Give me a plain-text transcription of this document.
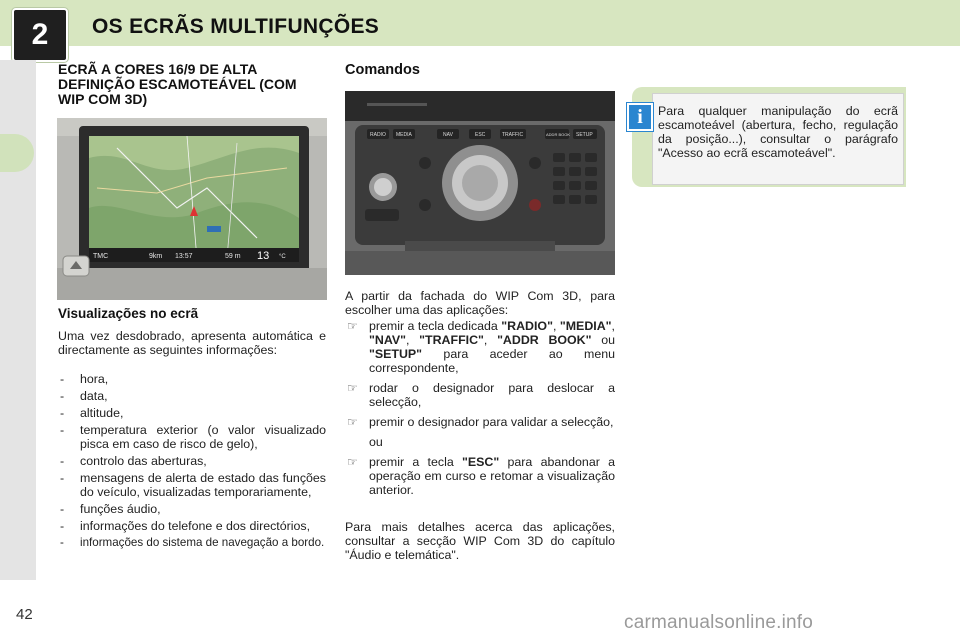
2	OS ECRÃS MULTIFUNÇÕES
42
ECRÃ A CORES 16/9 DE ALTA DEFINIÇÃO ESCAMOTEÁVEL (COM WIP COM 3D)
TMC	9km 13:57	59 m 13 °C
Visualizações no ecrã
Uma vez desdobrado, apresenta automática e directamente as seguintes informações:
- hora,
- data,
- altitude,
- temperatura exterior (o valor visualizado pisca em caso de risco de gelo),
- controlo das aberturas,
- mensagens de alerta de estado das funções do veículo, visualizadas temporariamente,
- funções áudio,
- informações do telefone e dos directórios,
- informações do sistema de navegação a bordo.
Comandos
RADIO MEDIA	NAV	ESC	TRAFFIC	ADDR BOOK SETUP
A partir da fachada do WIP Com 3D, para escolher uma das aplicações:
☞ premir a tecla dedicada "RADIO", "MEDIA", "NAV", "TRAFFIC", "ADDR BOOK" ou "SETUP" para aceder ao menu correspondente,
☞ rodar o designador para deslocar a selecção,
☞ premir o designador para validar a selecção,
ou
☞ premir a tecla "ESC" para abandonar a operação em curso e retomar a visualização anterior.
Para mais detalhes acerca das aplicações, consultar a secção WIP Com 3D do capítulo "Áudio e telemática".
i	Para qualquer manipulação do ecrã escamoteável (abertura, fecho, regulação da posição...), consultar o parágrafo "Acesso ao ecrã escamoteável".
carmanualsonline.info
